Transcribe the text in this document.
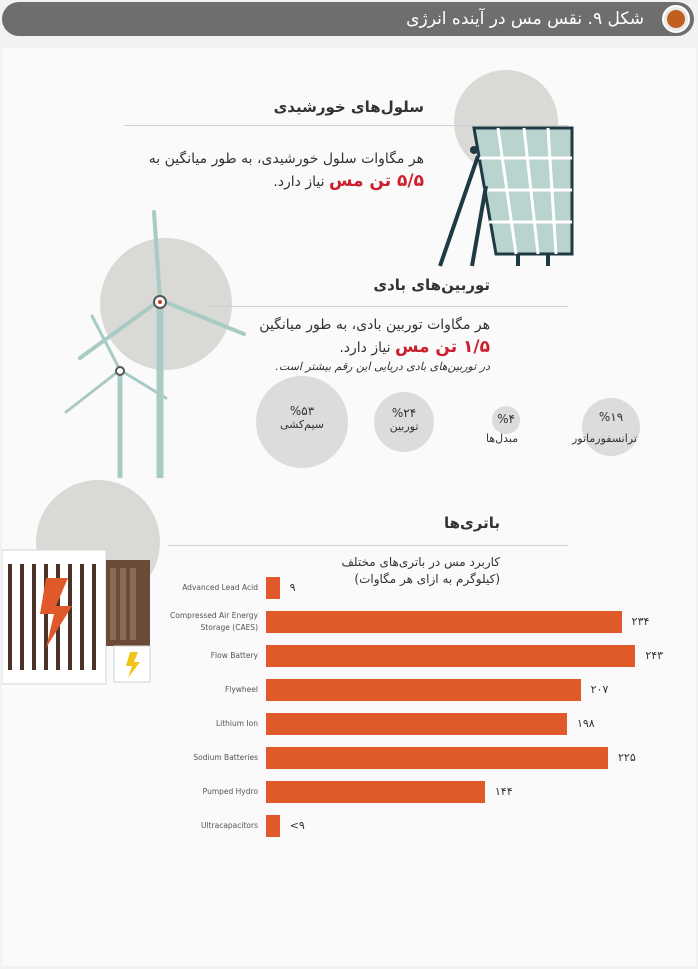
شکل ۹. نقس مس در آینده انرژی
سلول‌های خورشیدی
هر مگاوات سلول خورشیدی، به طور میانگین به
۵/۵ تن مس نیاز دارد.
توربین‌های بادی
هر مگاوات توربین بادی، به طور میانگین
۱/۵ تن مس نیاز دارد.
در توربین‌های بادی دریایی این رقم بیشتر است.
%۵۳
سیم‌کشی
%۲۴
توربین
%۴
مبدل‌ها
%۱۹
ترانسفورماتور
باتری‌ها
کاربرد مس در باتری‌های مختلف
(کیلوگرم به ازای هر مگاوات)
Advanced Lead Acid	۹
Compressed Air Energy Storage (CAES)	۲۳۴
Flow Battery	۲۴۳
Flywheel	۲۰۷
Lithium Ion	۱۹۸
Sodium Batteries	۲۲۵
Pumped Hydro	۱۴۴
Ultracapacitors	<۹
